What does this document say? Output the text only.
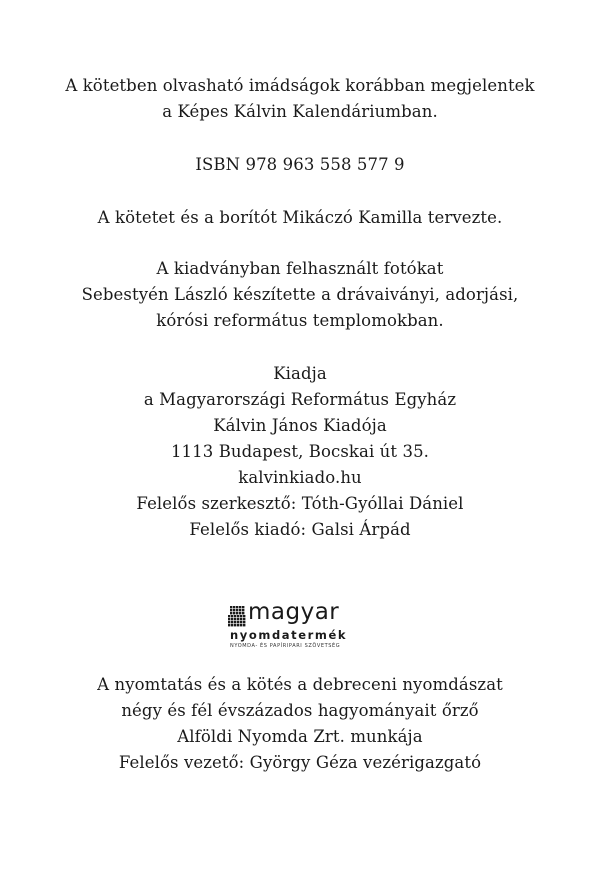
A kötetben olvasható imádságok korábban megjelentek
a Képes Kálvin Kalendáriumban.
ISBN 978 963 558 577 9
A kötetet és a borítót Mikáczó Kamilla tervezte.
A kiadványban felhasznált fotókat
Sebestyén László készítette a drávaiványi, adorjási,
kórósi református templomokban.
Kiadja
a Magyarországi Református Egyház
Kálvin János Kiadója
1113 Budapest, Bocskai út 35.
kalvinkiado.hu
Felelős szerkesztő: Tóth-Gyóllai Dániel
Felelős kiadó: Galsi Árpád
magyar
nyomdatermék
NYOMDA- ÉS PAPÍRIPARI SZÖVETSÉG
A nyomtatás és a kötés a debreceni nyomdászat
négy és fél évszázados hagyományait őrző
Alföldi Nyomda Zrt. munkája
Felelős vezető: György Géza vezérigazgató
